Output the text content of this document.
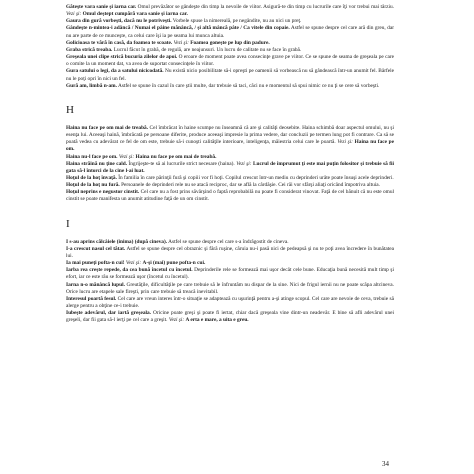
Găteşte vara sanie şi iarna car. Omul prevăzător se gândeşte din timp la nevoile de viitor. Asigură-te din timp cu lucrurile care îţi vor trebui mai târziu. Vezi şi: Omul deştept cumpără vara sanie şi iarna car.

Gaura din gură vorbeşti, dacă nu le potriveşti. Vorbele spuse la nimereală, pe negândite, nu au nici un preţ.

Gândeşte n-mintea-i adâncă / Numai el pâine mănâncă, / şi altă mâncă pâte / Ca vitele din copaie. Astfel se spune despre cel care ară din greu, dar nu are parte de ce munceşte, ca celui care îşi ia pe seama lui munca altuia.

Golicioasa te vără în casă, da foamea te scoate. Vezi şi: Foamea goneşte pe lup din padure.

Graba strică treaba. Lucrul făcut în grabă, de regulă, are neajunsuri. Un lucru de calitate nu se face în grabă.

Greşeala unei clipe strică bucuria zilelor de apoi. O eroare de moment poate avea consecinţe grave pe viitor. Ce se spune de seama de greşeala pe care o comite la un moment dat, va avea de suportat consecinţele în viitor.

Gura satului o legi, da a satului nicicodată. Nu există nicio posibilitate să-i opreşti pe oamenii să vorbească nu să gândească într-un anumit fel. Bârfele nu le poţi opri în nici un fel.

Gură am, limbă n-am. Astfel se spune în cazul în care ştii multe, dar trebuie să taci, căci nu e momentul să spui nimic ce nu ţi se cere să vorbeşti.

H

Haina nu face pe om mai de treabă. Cel îmbrăcat în haine scumpe nu înseamnă că are şi calităţi deosebite. Haina schimbă doar aspectul omului, nu şi esenţa lui. Aceeaşi haină, îmbrăcată pe persoane diferite, produce aceeaşi impresie la prima vedere, dar concluzii pe termen lung pot fi contrare. Ca să se poată vedea cu adevărat ce fel de om este, trebuie să-i cunoşti calităţile interioare, inteligenţa, măiestria celui care le poartă. Vezi şi: Haina nu face pe om.

Haina nu-l face pe om. Vezi şi: Haina nu face pe om mai de treabă.

Haina străină nu ţine cald. Îngrijeşte-te să ai lucrurile strict necesare (haina). Vezi şi: Lucrul de împrumut ţi este mai puţin folositor şi trebuie să fii gata să-l întorci de la cine l-ai luat.

Hoţul de la hoţ învaţă. În familia în care părinţii fură şi copiii vor fi hoţi. Copilul crescut într-un mediu cu deprinderi urâte poate însuşi acele deprinderi.

Hoţul de la hoţ nu fură. Persoanele de deprinderi rele nu se atacă reciproc, dar se află la cârdăşie. Cei răi vor sfârşi aliaţi oricând împotriva altuia.

Hoţul neprins e negustor cinstit. Cel care nu a fost prins săvârşind o faptă reprobabilă nu poate fi considerat vinovat. Faţă de cel bănuit că nu este omul cinstit se poate manifesta un anumit atitudine faţă de un om cinstit.

I

I s-au aprins călcâiele (inima) (după cineva). Astfel se spune despre cel care s-a îndrăgostit de cineva.

I-a crescut nasul cel tătat. Astfel se spune despre cel obraznic şi fără ruşine, căruia nu-i pasă nici de pedeapsă şi nu te poţi avea încredere în bunătatea lui.

Ia mai puneţi pofta-n cui! Vezi şi: A-şi (mai) pune pofta-n cui.

Iarba rea creşte repede, da cea bună încetul cu încetul. Deprinderile rele se formează mai uşor decât cele bune. Educaţia bună necesită mult timp şi efort, iar ce este rău se formează uşor (încetul cu încetul).

Iarna n-o mănâncă lupul. Greutăţile, dificultăţile pe care trebuie să le înfruntăm nu dispar de la sine. Nici de frigul iernii nu ne poate scăpa altcineva. Orice lucru are etapele sale fireşti, prin care trebuie să treacă inevitabil.

Interesul poartă fesul. Cel care are vreun interes într-o situaţie se adaptează cu uşurinţă pentru a-şi atinge scopul. Cel care are nevoie de ceva, trebuie să alerge pentru a obţine ce-i trebuie.

Iubeşte adevărul, dar iartă greşeala. Oricine poate greşi şi poate fi iertat, chiar dacă greşeala vine dintr-un neadevăr. E bine să afli adevărul unei greşeli, dar fii gata să-l ierţi pe cel care a greşit. Vezi şi: A erta e mare, a uita e greu.

34
